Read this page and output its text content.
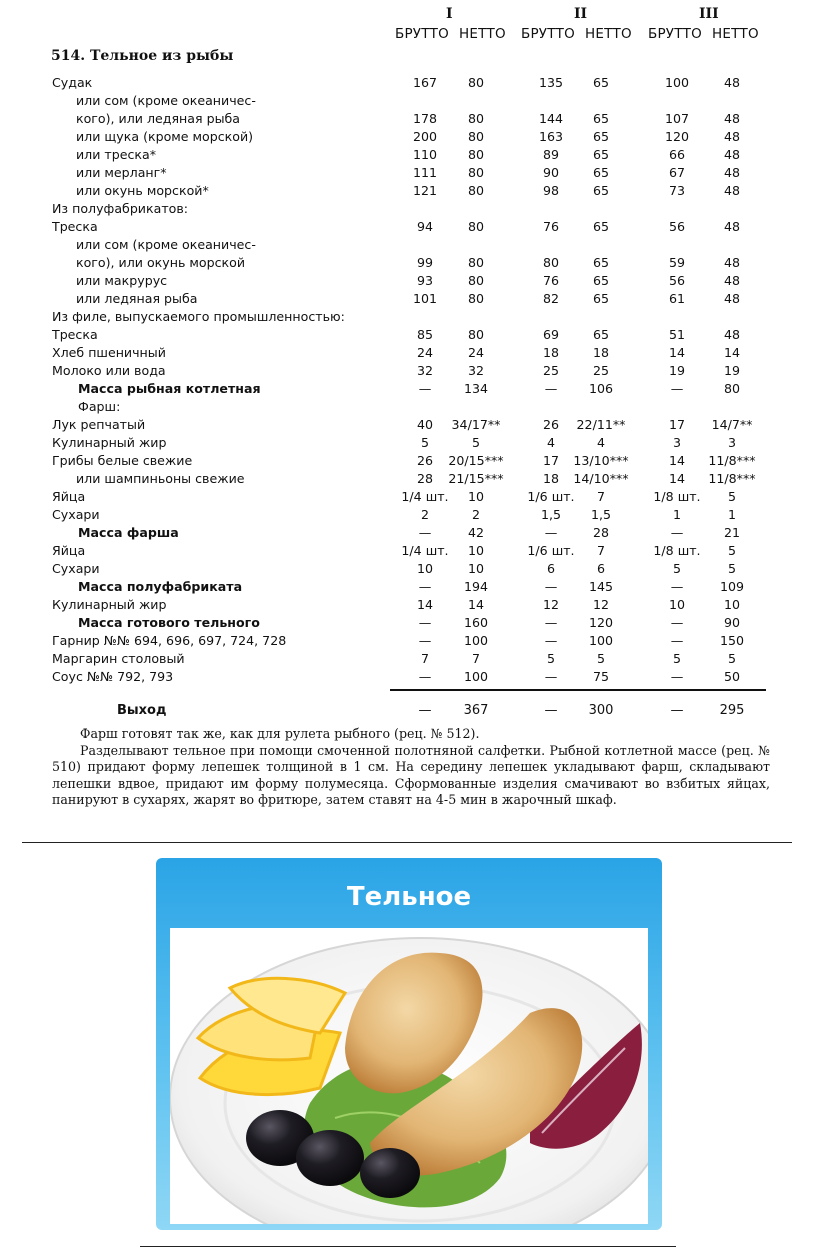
I	II	III
БРУТТО НЕТТО БРУТТО НЕТТО БРУТТО НЕТТО
514. Тельное из рыбы
Судак	167	80	135	65	100	48
или сом (кроме океаничес-
кого), или ледяная рыба	178	80	144	65	107	48
или щука (кроме морской)	200	80	163	65	120	48
или треска*	110	80	89	65	66	48
или мерланг*	111	80	90	65	67	48
или окунь морской*	121	80	98	65	73	48
Из полуфабрикатов:
Треска	94	80	76	65	56	48
или сом (кроме океаничес-
кого), или окунь морской	99	80	80	65	59	48
или макрурус	93	80	76	65	56	48
или ледяная рыба	101	80	82	65	61	48
Из филе, выпускаемого промышленностью:
Треска	85	80	69	65	51	48
Хлеб пшеничный	24	24	18	18	14	14
Молоко или вода	32	32	25	25	19	19
Масса рыбная котлетная	—	134	—	106	—	80
Фарш:
Лук репчатый	40	34/17**	26	22/11**	17	14/7**
Кулинарный жир	5	5	4	4	3	3
Грибы белые свежие	26	20/15***	17	13/10***	14	11/8***
или шампиньоны свежие	28	21/15***	18	14/10***	14	11/8***
Яйца	1/4 шт.	10	1/6 шт.	7	1/8 шт.	5
Сухари	2	2	1,5	1,5	1	1
Масса фарша	—	42	—	28	—	21
Яйца	1/4 шт.	10	1/6 шт.	7	1/8 шт.	5
Сухари	10	10	6	6	5	5
Масса полуфабриката	—	194	—	145	—	109
Кулинарный жир	14	14	12	12	10	10
Масса готового тельного	—	160	—	120	—	90
Гарнир №№ 694, 696, 697, 724, 728	—	100	—	100	—	150
Маргарин столовый	7	7	5	5	5	5
Соус №№ 792, 793	—	100	—	75	—	50
Выход	—	367	—	300	—	295

Фарш готовят так же, как для рулета рыбного (рец. № 512).

Разделывают тельное при помощи смоченной полотняной салфетки. Рыбной котлетной массе (рец. № 510) придают форму лепешек толщиной в 1 см. На середину лепешек укладывают фарш, складывают лепешки вдвое, придают им форму полумесяца. Сформованные изделия смачивают во взбитых яйцах, панируют в сухарях, жарят во фритюре, затем ставят на 4-5 мин в жарочный шкаф.

Тельное
